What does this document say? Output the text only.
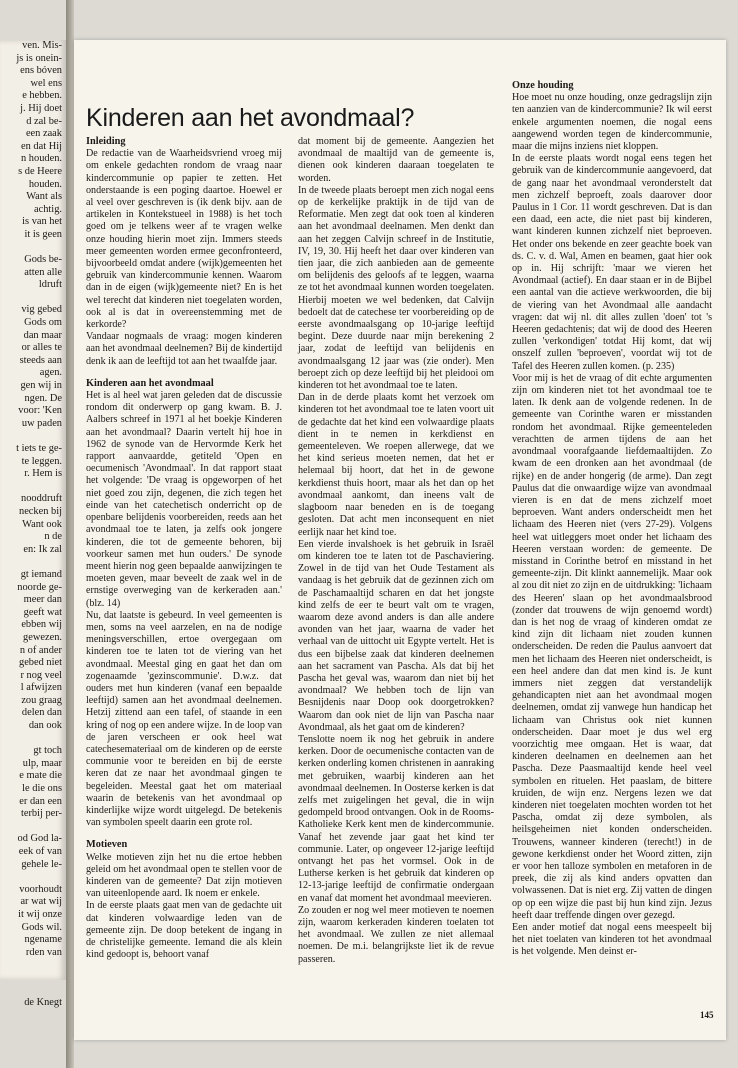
ven. Mis-
js is onein-
ens bóven
wel ens
e hebben.
j. Hij doet
d zal be-
een zaak
en dat Hij
n houden.
s de Heere
houden.
Want als
achtig.
is van het
it is geen

Gods be-
atten alle
ldruft

vig gebed
Gods om
dan maar
or alles te
steeds aan
agen.
gen wij in
ngen. De
voor: 'Ken
uw paden

t iets te ge-
te leggen.
r. Hem is

nooddruft
necken bij
Want ook
n de
en: Ik zal

gt iemand
noorde ge-
meer dan
geeft wat
ebben wij
gewezen.
n of ander
gebed niet
r nog veel
l afwijzen
zou graag
delen dan
dan ook

gt toch
ulp, maar
e mate die
le die ons
er dan een
terbij per-

od God la-
eek of van
gehele le-

voorhoudt
ar wat wij
it wij onze
Gods wil.
ngename
rden van

de Knegt
Kinderen aan het avondmaal?
Inleiding

De redactie van de Waarheidsvriend vroeg mij om enkele gedachten rondom de vraag naar kindercommunie op papier te zetten. Het onderstaande is een poging daartoe. Hoewel er al veel over geschreven is (ik denk bijv. aan de artikelen in Kontekstueel in 1988) is het toch goed om je telkens weer af te vragen welke onze houding hierin moet zijn. Immers steeds meer gemeenten worden ermee geconfronteerd, bijvoorbeeld omdat andere (wijk)gemeenten het gebruik van kindercommunie kennen. Waarom dan in de eigen (wijk)gemeente niet? En is het wel terecht dat kinderen niet toegelaten worden, ook al is dat in overeenstemming met de kerkorde?

Vandaar nogmaals de vraag: mogen kinderen aan het avondmaal deelnemen? Bij de kindertijd denk ik aan de leeftijd tot aan het twaalfde jaar.

Kinderen aan het avondmaal

Het is al heel wat jaren geleden dat de discussie rondom dit onderwerp op gang kwam. B. J. Aalbers schreef in 1971 al het boekje Kinderen aan het avondmaal? Daarin vertelt hij hoe in 1962 de synode van de Hervormde Kerk het rapport aanvaardde, getiteld 'Open en oecumenisch 'Avondmaal'. In dat rapport staat het volgende: 'De vraag is opgeworpen of het niet goed zou zijn, degenen, die zich tegen het einde van het catechetisch onderricht op de openbare belijdenis voorbereiden, reeds aan het avondmaal toe te laten, ja zelfs ook jongere kinderen, die tot de gemeente behoren, bij voorkeur samen met hun ouders.' De synode meent hierin nog geen bepaalde aanwijzingen te moeten geven, maar beveelt de zaak wel in de ernstige overweging van de kerkeraden aan.' (blz. 14)

Nu, dat laatste is gebeurd. In veel gemeenten is men, soms na veel aarzelen, en na de nodige meningsverschillen, ertoe overgegaan om kinderen toe te laten tot de viering van het avondmaal. Meestal ging en gaat het dan om zogenaamde 'gezinscommunie'. D.w.z. dat ouders met hun kinderen (vanaf een bepaalde leeftijd) samen aan het avondmaal deelnemen. Hetzij zittend aan een tafel, of staande in een kring of nog op een andere wijze. In de loop van de jaren verscheen er ook heel wat catechesemateriaal om de kinderen op de eerste communie voor te bereiden en bij de eerste keren dat ze naar het avondmaal gingen te begeleiden. Meestal gaat het om materiaal waarin de betekenis van het avondmaal op kinderlijke wijze wordt uitgelegd. De betekenis van symbolen speelt daarin een grote rol.

Motieven

Welke motieven zijn het nu die ertoe hebben geleid om het avondmaal open te stellen voor de kinderen van de gemeente? Dat zijn motieven van uiteenlopende aard. Ik noem er enkele.

In de eerste plaats gaat men van de gedachte uit dat kinderen volwaardige leden van de gemeente zijn. De doop betekent de ingang in de christelijke gemeente. Iemand die als klein kind gedoopt is, behoort vanaf

dat moment bij de gemeente. Aangezien het avondmaal de maaltijd van de gemeente is, dienen ook kinderen daaraan toegelaten te worden.

In de tweede plaats beroept men zich nogal eens op de kerkelijke praktijk in de tijd van de Reformatie. Men zegt dat ook toen al kinderen aan het avondmaal deelnamen. Men denkt dan aan het zeggen Calvijn schreef in de Institutie, IV, 19, 30. Hij heeft het daar over kinderen van tien jaar, die zich aanbieden aan de gemeente om belijdenis des geloofs af te leggen, waarna ze tot het avondmaal kunnen worden toegelaten. Hierbij moeten we wel bedenken, dat Calvijn bedoelt dat de catechese ter voorbereiding op de eerste avondmaalsgang op 10-jarige leeftijd begint. Deze duurde naar mijn berekening 2 jaar, zodat de leeftijd van belijdenis en avondmaalsgang 12 jaar was (zie onder). Men beroept zich op deze leeftijd bij het pleidooi om kinderen tot het avondmaal toe te laten.

Dan in de derde plaats komt het verzoek om kinderen tot het avondmaal toe te laten voort uit de gedachte dat het kind een volwaardige plaats dient in te nemen in kerkdienst en gemeenteleven. We roepen allerwege, dat we het kind serieus moeten nemen, dat het er helemaal bij hoort, dat het in de gewone kerkdienst thuis hoort, maar als het dan op het avondmaal aankomt, dan ineens valt de slagboom naar beneden en is de toegang gesloten. Dat acht men inconsequent en niet eerlijk naar het kind toe.

Een vierde invalshoek is het gebruik in Israël om kinderen toe te laten tot de Paschaviering. Zowel in de tijd van het Oude Testament als vandaag is het gebruik dat de gezinnen zich om de Paschamaaltijd scharen en dat het jongste kind zelfs de eer te beurt valt om te vragen, waarom deze avond anders is dan alle andere avonden van het jaar, waarna de vader het verhaal van de uittocht uit Egypte vertelt. Het is dus een bijbelse zaak dat kinderen deelnemen aan het sacrament van Pascha. Als dat bij het Pascha het geval was, waarom dan niet bij het avondmaal? We hebben toch de lijn van Besnijdenis naar Doop ook doorgetrokken? Waarom dan ook niet de lijn van Pascha naar Avondmaal, als het gaat om de kinderen?

Tenslotte noem ik nog het gebruik in andere kerken. Door de oecumenische contacten van de kerken onderling komen christenen in aanraking met gebruiken, waarbij kinderen aan het avondmaal deelnemen. In Oosterse kerken is dat zelfs met zuigelingen het geval, die in wijn gedompeld brood ontvangen. Ook in de Rooms-Katholieke Kerk kent men de kindercommunie. Vanaf het zevende jaar gaat het kind ter communie. Later, op ongeveer 12-jarige leeftijd ontvangt het pas het vormsel. Ook in de Lutherse kerken is het gebruik dat kinderen op 12-13-jarige leeftijd de confirmatie ondergaan en vanaf dat moment het avondmaal meevieren.

Zo zouden er nog wel meer motieven te noemen zijn, waarom kerkeraden kinderen toelaten tot het avondmaal. We zullen ze niet allemaal noemen. De m.i. belangrijkste liet ik de revue passeren.

Onze houding

Hoe moet nu onze houding, onze gedragslijn zijn ten aanzien van de kindercommunie? Ik wil eerst enkele argumenten noemen, die nogal eens aangewend worden tegen de kindercommunie, maar die mijns inziens niet kloppen.

In de eerste plaats wordt nogal eens tegen het gebruik van de kindercommunie aangevoerd, dat de gang naar het avondmaal veronderstelt dat men zichzelf beproeft, zoals daarover door Paulus in 1 Cor. 11 wordt geschreven. Dat is dan een daad, een acte, die niet past bij kinderen, want kinderen kunnen zichzelf niet beproeven. Het onder ons bekende en zeer geachte boek van ds. C. v. d. Wal, Amen en beamen, gaat hier ook op in. Hij schrijft: 'maar we vieren het Avondmaal (actief). En daar staan er in de Bijbel een aantal van die actieve werkwoorden, die bij de viering van het Avondmaal alle aandacht vragen: dat wij nl. dit alles zullen 'doen' tot 's Heeren gedachtenis; dat wij de dood des Heeren zullen 'verkondigen' totdat Hij komt, dat wij onszelf zullen 'beproeven', voordat wij tot de Tafel des Heeren zullen komen. (p. 235)

Voor mij is het de vraag of dit echte argumenten zijn om kinderen niet tot het avondmaal toe te laten. Ik denk aan de volgende redenen. In de gemeente van Corinthe waren er misstanden rondom het avondmaal. Rijke gemeenteleden verachtten de armen tijdens de aan het avondmaal voorafgaande liefdemaaltijden. Zo kwam de een dronken aan het avondmaal (de rijke) en de ander hongerig (de arme). Dan zegt Paulus dat die onwaardige wijze van avondmaal vieren is en dat de mens zichzelf moet beproeven. Want anders onderscheidt men het lichaam des Heeren niet (vers 27-29). Volgens heel wat uitleggers moet onder het lichaam des Heeren verstaan worden: de gemeente. De misstand in Corinthe betrof en misstand in het gemeente-zijn. Dit klinkt aannemelijk. Maar ook al zou dit niet zo zijn en de uitdrukking: 'lichaam des Heeren' slaan op het avondmaalsbrood (zonder dat trouwens de wijn genoemd wordt) dan is het nog de vraag of kinderen omdat ze kind zijn dit lichaam niet zouden kunnen onderscheiden. De reden die Paulus aanvoert dat men het lichaam des Heeren niet onderscheidt, is een heel andere dan dat men kind is. Je kunt immers niet zeggen dat verstandelijk gehandicapten niet aan het avondmaal mogen deelnemen, omdat zij vanwege hun handicap het lichaam van Christus ook niet kunnen onderscheiden. Daar moet je dus wel erg voorzichtig mee omgaan. Het is waar, dat kinderen deelnamen en deelnemen aan het Pascha. Deze Paasmaaltijd kende heel veel symbolen en rituelen. Het paaslam, de bittere kruiden, de wijn enz. Nergens lezen we dat kinderen niet toegelaten mochten worden tot het Pascha, omdat zij deze symbolen, als heilsgeheimen niet konden onderscheiden. Trouwens, wanneer kinderen (terecht!) in de gewone kerkdienst onder het Woord zitten, zijn er voor hen talloze symbolen en metaforen in de preek, die zij als kind anders opvatten dan volwassenen. Dat is niet erg. Zij vatten de dingen op op een wijze die past bij hun kind zijn. Jezus heeft daar treffende dingen over gezegd.

Een ander motief dat nogal eens meespeelt bij het niet toelaten van kinderen tot het avondmaal is het volgende. Men deinst er-

145
